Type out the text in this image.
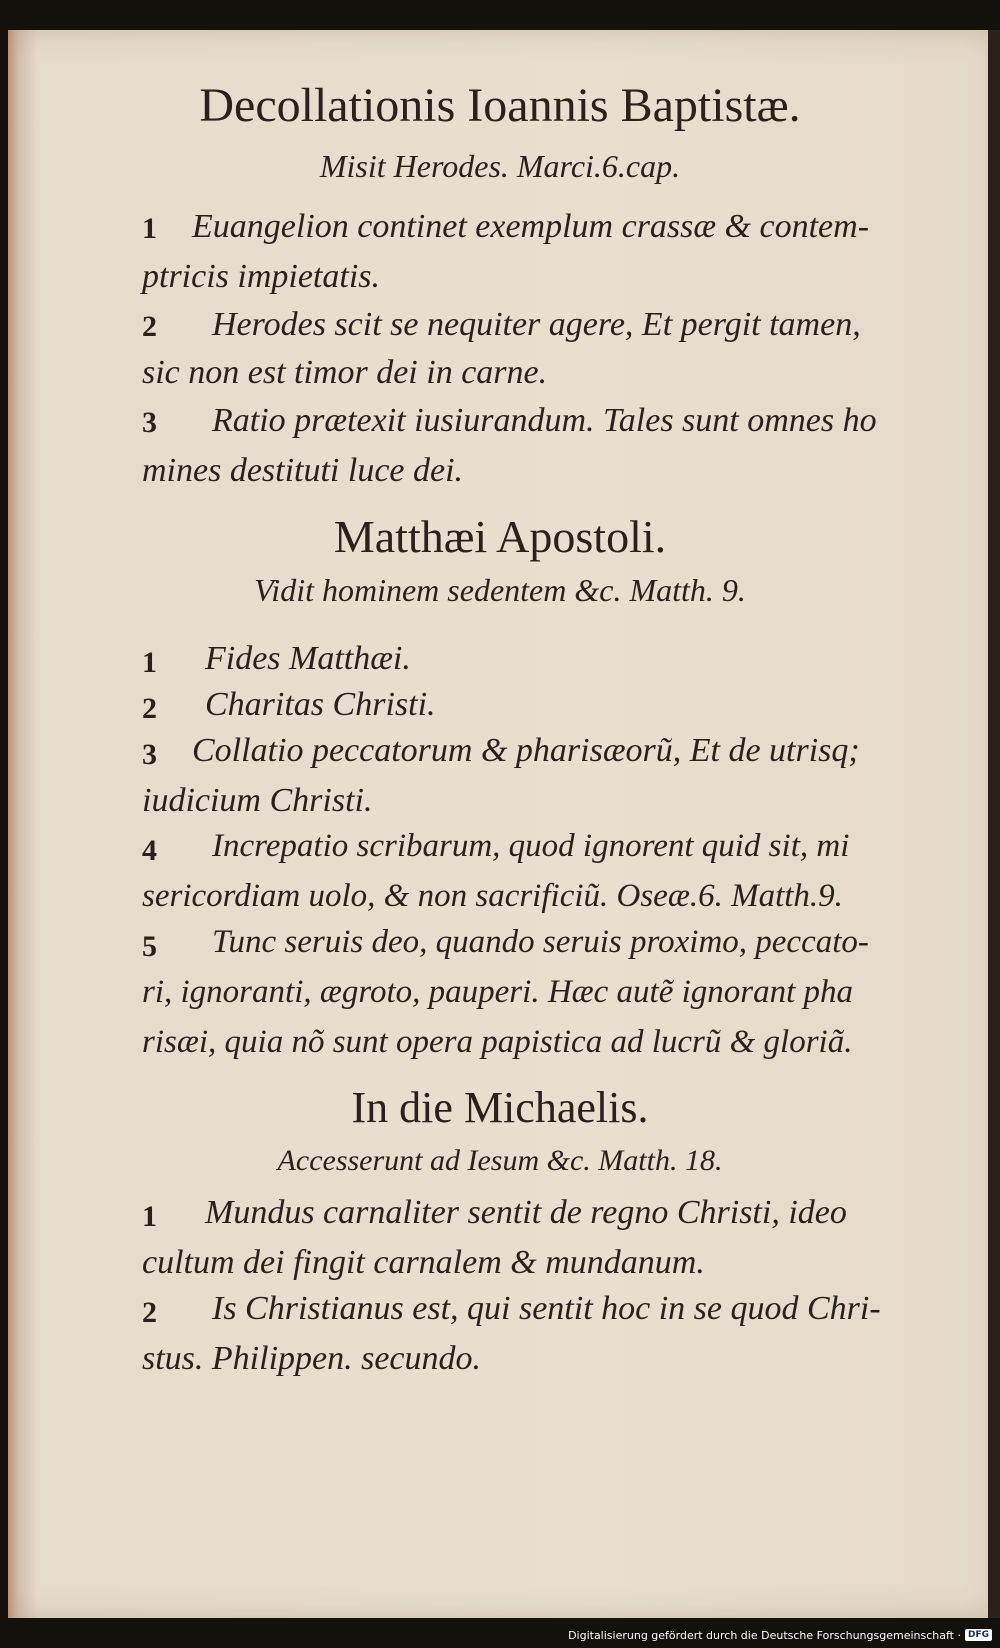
Decollationis Ioannis Baptistæ.
Misit Herodes. Marci.6.cap.
1 Euangelion continet exemplum crassæ & contem-
ptricis impietatis.
2 Herodes scit se nequiter agere, Et pergit tamen,
sic non est timor dei in carne.
3 Ratio prætexit iusiurandum. Tales sunt omnes ho
mines destituti luce dei.
Matthæi Apostoli.
Vidit hominem sedentem &c. Matth. 9.
1 Fides Matthæi.
2 Charitas Christi.
3 Collatio peccatorum & pharisæorũ, Et de utrisq;
iudicium Christi.
4 Increpatio scribarum, quod ignorent quid sit, mi
sericordiam uolo, & non sacrificiũ. Oseæ.6. Matth.9.
5 Tunc seruis deo, quando seruis proximo, peccato-
ri, ignoranti, ægroto, pauperi. Hæc autẽ ignorant pha
risæi, quia nõ sunt opera papistica ad lucrũ & gloriã.
In die Michaelis.
Accesserunt ad Iesum &c. Matth. 18.
1 Mundus carnaliter sentit de regno Christi, ideo
cultum dei fingit carnalem & mundanum.
2 Is Christianus est, qui sentit hoc in se quod Chri-
stus. Philippen. secundo.
Digitalisierung gefördert durch die Deutsche Forschungsgemeinschaft · DFG
